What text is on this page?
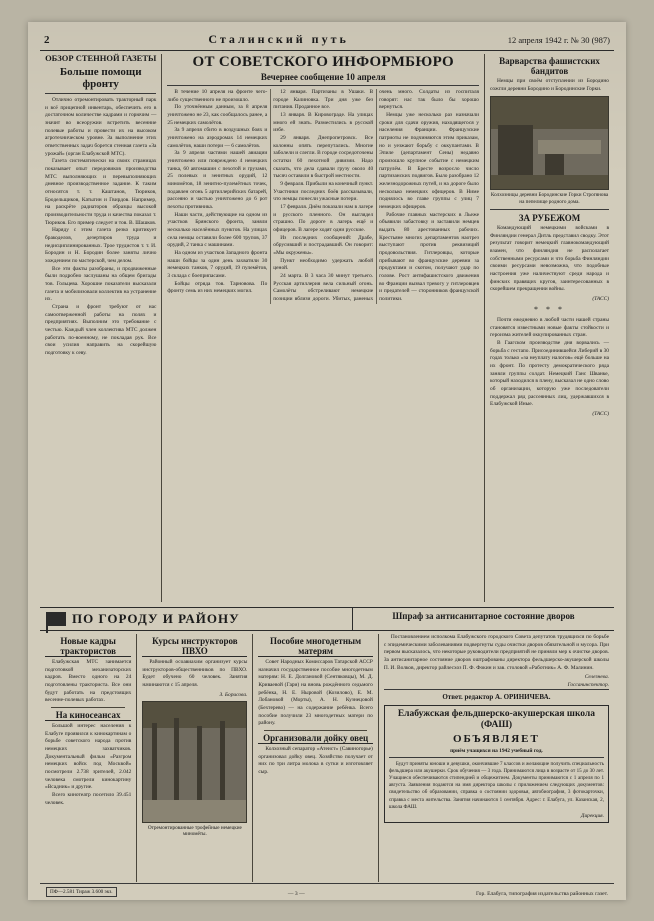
2	Сталинский путь	12 апреля 1942 г. № 30 (987)
ОБЗОР СТЕННОЙ ГАЗЕТЫ
Больше помощи фронту

Отлично отремонтировать тракторный парк и всё прицепной инвентарь, обеспечить его в достаточном количестве кадрами и горючим — значит во всеоружии встретить весенние полевые работы и провести их на высоком агротехническом уровне. За выполнение этих ответственных задач борется стенная газета «За урожай» (орган Елабужской МТС).

Газета систематически на своих страницах показывает опыт передовиков производства МТС выполняющих и перевыполняющих дневное производственное задание. К таким относятся т. т. Каштанов, Тюриков, Бродельщиков, Катыгин и Гвирдов. Например, на раскрёте радиаторов образцы высокой производительности труда и качества показал т. Тюриков. Его пример следует и тов. В. Шашков.

Наряду с этим газета резко критикует бракоделов, дезертиров труда и недисциплинированных. Трое трудистов т. т. И. Бородин и Н. Бородин более заняты лично хождением по мастерской, чем делом.

Все эти факты разобраны, и продвиженные были подробно заслушаны на общем бригады тов. Гольцева. Хорошие показатели высказали газета и мобилизовали коллектив на устранение их.

Страна и фронт требуют от нас самоотверженной работы на полях и предприятиях. Выполним это требование с честью. Каждый член коллектива МТС должен работать по-военному, не покладая рук. Все свои усилия направить на скорейшую подготовку к севу.

ОТ СОВЕТСКОГО ИНФОРМБЮРО
Вечернее сообщение 10 апреля

В течение 10 апреля на фронте чего-либо существенного не произошло.

По уточнённым данным, за 8 апреля уничтожено не 23, как сообщалось ранее, а 25 немецких самолётов.

За 9 апреля сбито в воздушных боях и уничтожено на аэродромах 14 немецких самолётов, наши потери — 6 самолётов.

За 9 апреля частями нашей авиации уничтожено или повреждено 4 немецких танка, 60 автомашин с пехотой и грузами, 25 полевых и зенитных орудий, 12 миномётов, 18 зенитно-пулемётных точек, подавлен огонь 5 артиллерийских батарей, рассеяно и частью уничтожено до 6 рот пехоты противника.

Наши части, действующие на одном из участков Брянского фронта, заняли несколько населённых пунктов. На улицах села немцы оставили более 600 трупов, 37 орудий, 2 танка с машинами.

На одном из участков Западного фронта наши бойцы за один день захватили 30 немецких танков, 7 орудий, 19 пулемётов, 3 склада с боеприпасами.

Бойцы отряда тов. Тарновова. По фронту семь из них немецких могил.

12 января. Партизаны в Ушаки. В городе Калиновка. Три дня уже без питания. Проданное все.

13 января. В Кировограде. На улицах много ей знать. Разместились в русской избе.

29 января. Днепропетровск. Все колонны опять перепутались. Многие заболели и слегли. В городе сосредоточены остатки 60 пехотной дивизии. Надо сказать, что дела сдавали грузу около 40 тысяч оставили в быстрой местности.

9 февраля. Прибыли на конечный пункт. Участники последних боёв рассказывали, что немцы понесли ужасные потери.

17 февраля. Днём показали нам в лагере и русского пленного. Он выглядел страшно. По дороге в лагерь ещё и офицеров. В лагере ходят одни русские.

Из последних сообщений: Драбе, обрусивший и пострадавший. Он говорит: «Мы окружены».

Пункт необходимо удержать любой ценой.

24 марта. В 3 часа 30 минут третьего. Русская артиллерия вела сильный огонь. Самолёты обстреливают немецкие позиции вблизи дороги. Убитых, раненых очень много. Солдаты из госпиталя говорят: нас так было бы хорошо вернуться.

Немцы уже несколько раз назначали сроки для сдачи оружия, находящегося у населения Франции. Французские патриоты не подчиняются этим приказам, но и уезжают борьбу с оккупантами. В Эпиле (департамент Сены) недавно произошло крупное событие с немецким патрулём. В Бресте возросло число партизанских подвигов. Было разобрано 12 железнодорожных путей, и на дороге было несколько немецких офицеров. В Ниме поднялось во главе группы с улиц 7 немецких офицеров.

Рабочие главных мастерских в Льеже объявили забастовку и заставили немцев выдать 80 арестованных рабочих. Крестьяне многих департаментов наотрез выступают против реквизиций продовольствия. Гитлеровцы, которые прибывают во французские деревни за продуктами и скотом, получают удар по голове. Рост антифашистского движения во Франции вызвал тревогу у гитлеровцев и предателей — сторонников французской политики.

Варварства фашистских бандитов

Немцы при своём отступлении из Бородино сожгли деревни Бородино и Бородинские Горки.

Колхозницы деревни Бородинские Горки Строгянова на пепелище родного дома.
ЗА РУБЕЖОМ

Командующий немецкими войсками в Финляндии генерал Дитль представил сводку. Этот результат говорит немецкий главнокомандующий взамен, что финляндия не располагает собственными ресурсами и что борьба Финляндии своими ресурсами невозможна, что подобные настроения уже наличествуют среди народа и финских правящих кругов, заинтересованных в скорейшем прекращении войны.

(ТАСС)
* * *

Почти ежедневно в любой части нашей страны становятся известными новые факты стойкости и героизма жителей оккупированных стран.

В Гаагском производстве дня ворвались — борьба с гестапо. Присоединившейся Либерий в 30 годах только «за неуплату налогов» ещё больше на их фронт. По протесту демократического ряда заняли группы солдат. Немецкий Ганс Шванке, который находился в плену, высказал не одно слово об организации, которую уже последователи поддержал ряд рассеянных лиц, удержавшихся в Елабужской Иные.

(ТАСС)
ПО ГОРОДУ И РАЙОНУ	Шпраф за антисанитарное состояние дворов
Новые кадры трактористов

Елабужская МТС занимается подготовкой механизаторских кадров. Вместо одного на 24 подготовлены тракториста. Все они будут работать на предстоящих весенне-полевых работах.

На киносеансах

Большой интерес населения к Елабуге проявился к кинокартинам о борьбе советского народа против немецких захватчиков. Документальный фильм «Разгром немецких войск под Москвой» посмотрели 2.738 зрителей, 2.042 человека смотрели кинокартину «Всадник» и другие.

Всего кинотеатр посетило 39.451 человек.

Курсы инструкторов ПВХО

Районный осоавиахим организует курсы инструкторов-общественников по ПВХО. Будет обучено 60 человек. Занятия начинаются с 15 апреля.

З. Борисова.
Отремонтированные трофейные немецкие миномёты.
Пособие многодетным матерям

Совет Народных Комиссаров Татарской АССР назначил государственное пособие многодетным матерям: Н. Е. Долгановой (Сентяковцы), М. Д. Криваевой (Гари) на вновь рождённого седьмого ребёнка, Н. Е. Ныровой (Козилово), Е. М. Лобановой (Морты), А. Н. Кузнецовой (Бехтерево) — на содержание ребёнка. Всего пособие получили 23 многодетных матери по району.

Организовали дойку овец

Колхозный сепаратор «Атеист» (Савиногорье) организовал дойку овец. Хозяйство получает от них по три литра молока в сутки и изготовляет сыр.

Постановлением исполкома Елабужского городского Совета депутатов трудящихся по борьбе с эпидемическими заболеваниями подвергнуты суды очистки дворов обязательной и мусора. При первом высказалось, что некоторые руководители предприятий не приняли мер к очистке дворов. За антисанитарное состояние дворов оштрафованы директора фельдшерско-акушерской школы П. И. Волков, директор райлесхоз П. Ф. Фокин и зав. столовой «Работник» А. Ф. Малинин.

Селезнева.
Госсанинспектор.
Ответ. редактор А. ОРИНИЧЕВА.
Елабужская фельдшерско-акушерская школа (ФАШ)
ОБЪЯВЛЯЕТ
приём учащихся на 1942 учебный год.

Будут приняты юноши и девушки, окончившие 7 классов и желающие получить специальность фельдшера или акушерки. Срок обучения — 3 года. Принимаются лица в возрасте от 15 до 30 лет. Учащиеся обеспечиваются стипендией и общежитием. Документы принимаются с 1 апреля по 1 августа. Заявления подаются на имя директора школы с приложением следующих документов: свидетельство об образовании, справка о состоянии здоровья, автобиография, 3 фотокарточки, справка с места жительства. Занятия начинаются 1 сентября. Адрес: г. Елабуга, ул. Казанская, 2, школа ФАШ.

Дирекция.
ПФ—2.581 Тираж 3.600 экз.	— 3 —	Гор. Елабуга, типография издательства районных газет.
